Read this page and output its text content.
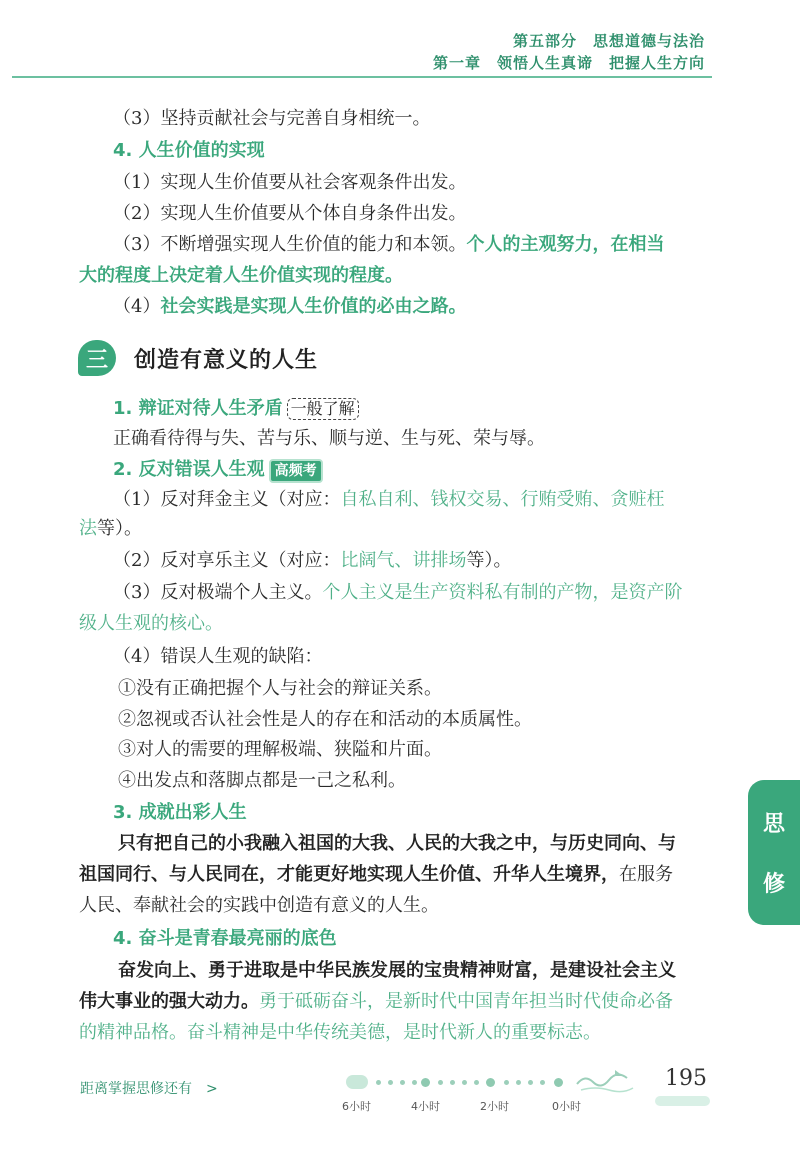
第五部分　思想道德与法治
第一章　领悟人生真谛　把握人生方向
（3）坚持贡献社会与完善自身相统一。
4. 人生价值的实现
（1）实现人生价值要从社会客观条件出发。
（2）实现人生价值要从个体自身条件出发。
（3）不断增强实现人生价值的能力和本领。个人的主观努力，在相当
大的程度上决定着人生价值实现的程度。
（4）社会实践是实现人生价值的必由之路。
三	创造有意义的人生
1. 辩证对待人生矛盾 一般了解
正确看待得与失、苦与乐、顺与逆、生与死、荣与辱。
2. 反对错误人生观 高频考
（1）反对拜金主义（对应：自私自利、钱权交易、行贿受贿、贪赃枉
法等）。
（2）反对享乐主义（对应：比阔气、讲排场等）。
（3）反对极端个人主义。个人主义是生产资料私有制的产物，是资产阶
级人生观的核心。
（4）错误人生观的缺陷：
①没有正确把握个人与社会的辩证关系。
②忽视或否认社会性是人的存在和活动的本质属性。
③对人的需要的理解极端、狭隘和片面。
④出发点和落脚点都是一己之私利。
3. 成就出彩人生
只有把自己的小我融入祖国的大我、人民的大我之中，与历史同向、与
祖国同行、与人民同在，才能更好地实现人生价值、升华人生境界，在服务
人民、奉献社会的实践中创造有意义的人生。
4. 奋斗是青春最亮丽的底色
奋发向上、勇于进取是中华民族发展的宝贵精神财富，是建设社会主义
伟大事业的强大动力。勇于砥砺奋斗，是新时代中国青年担当时代使命必备
的精神品格。奋斗精神是中华传统美德，是时代新人的重要标志。
思
修
距离掌握思修还有　>
6小时	4小时	2小时	0小时
195
